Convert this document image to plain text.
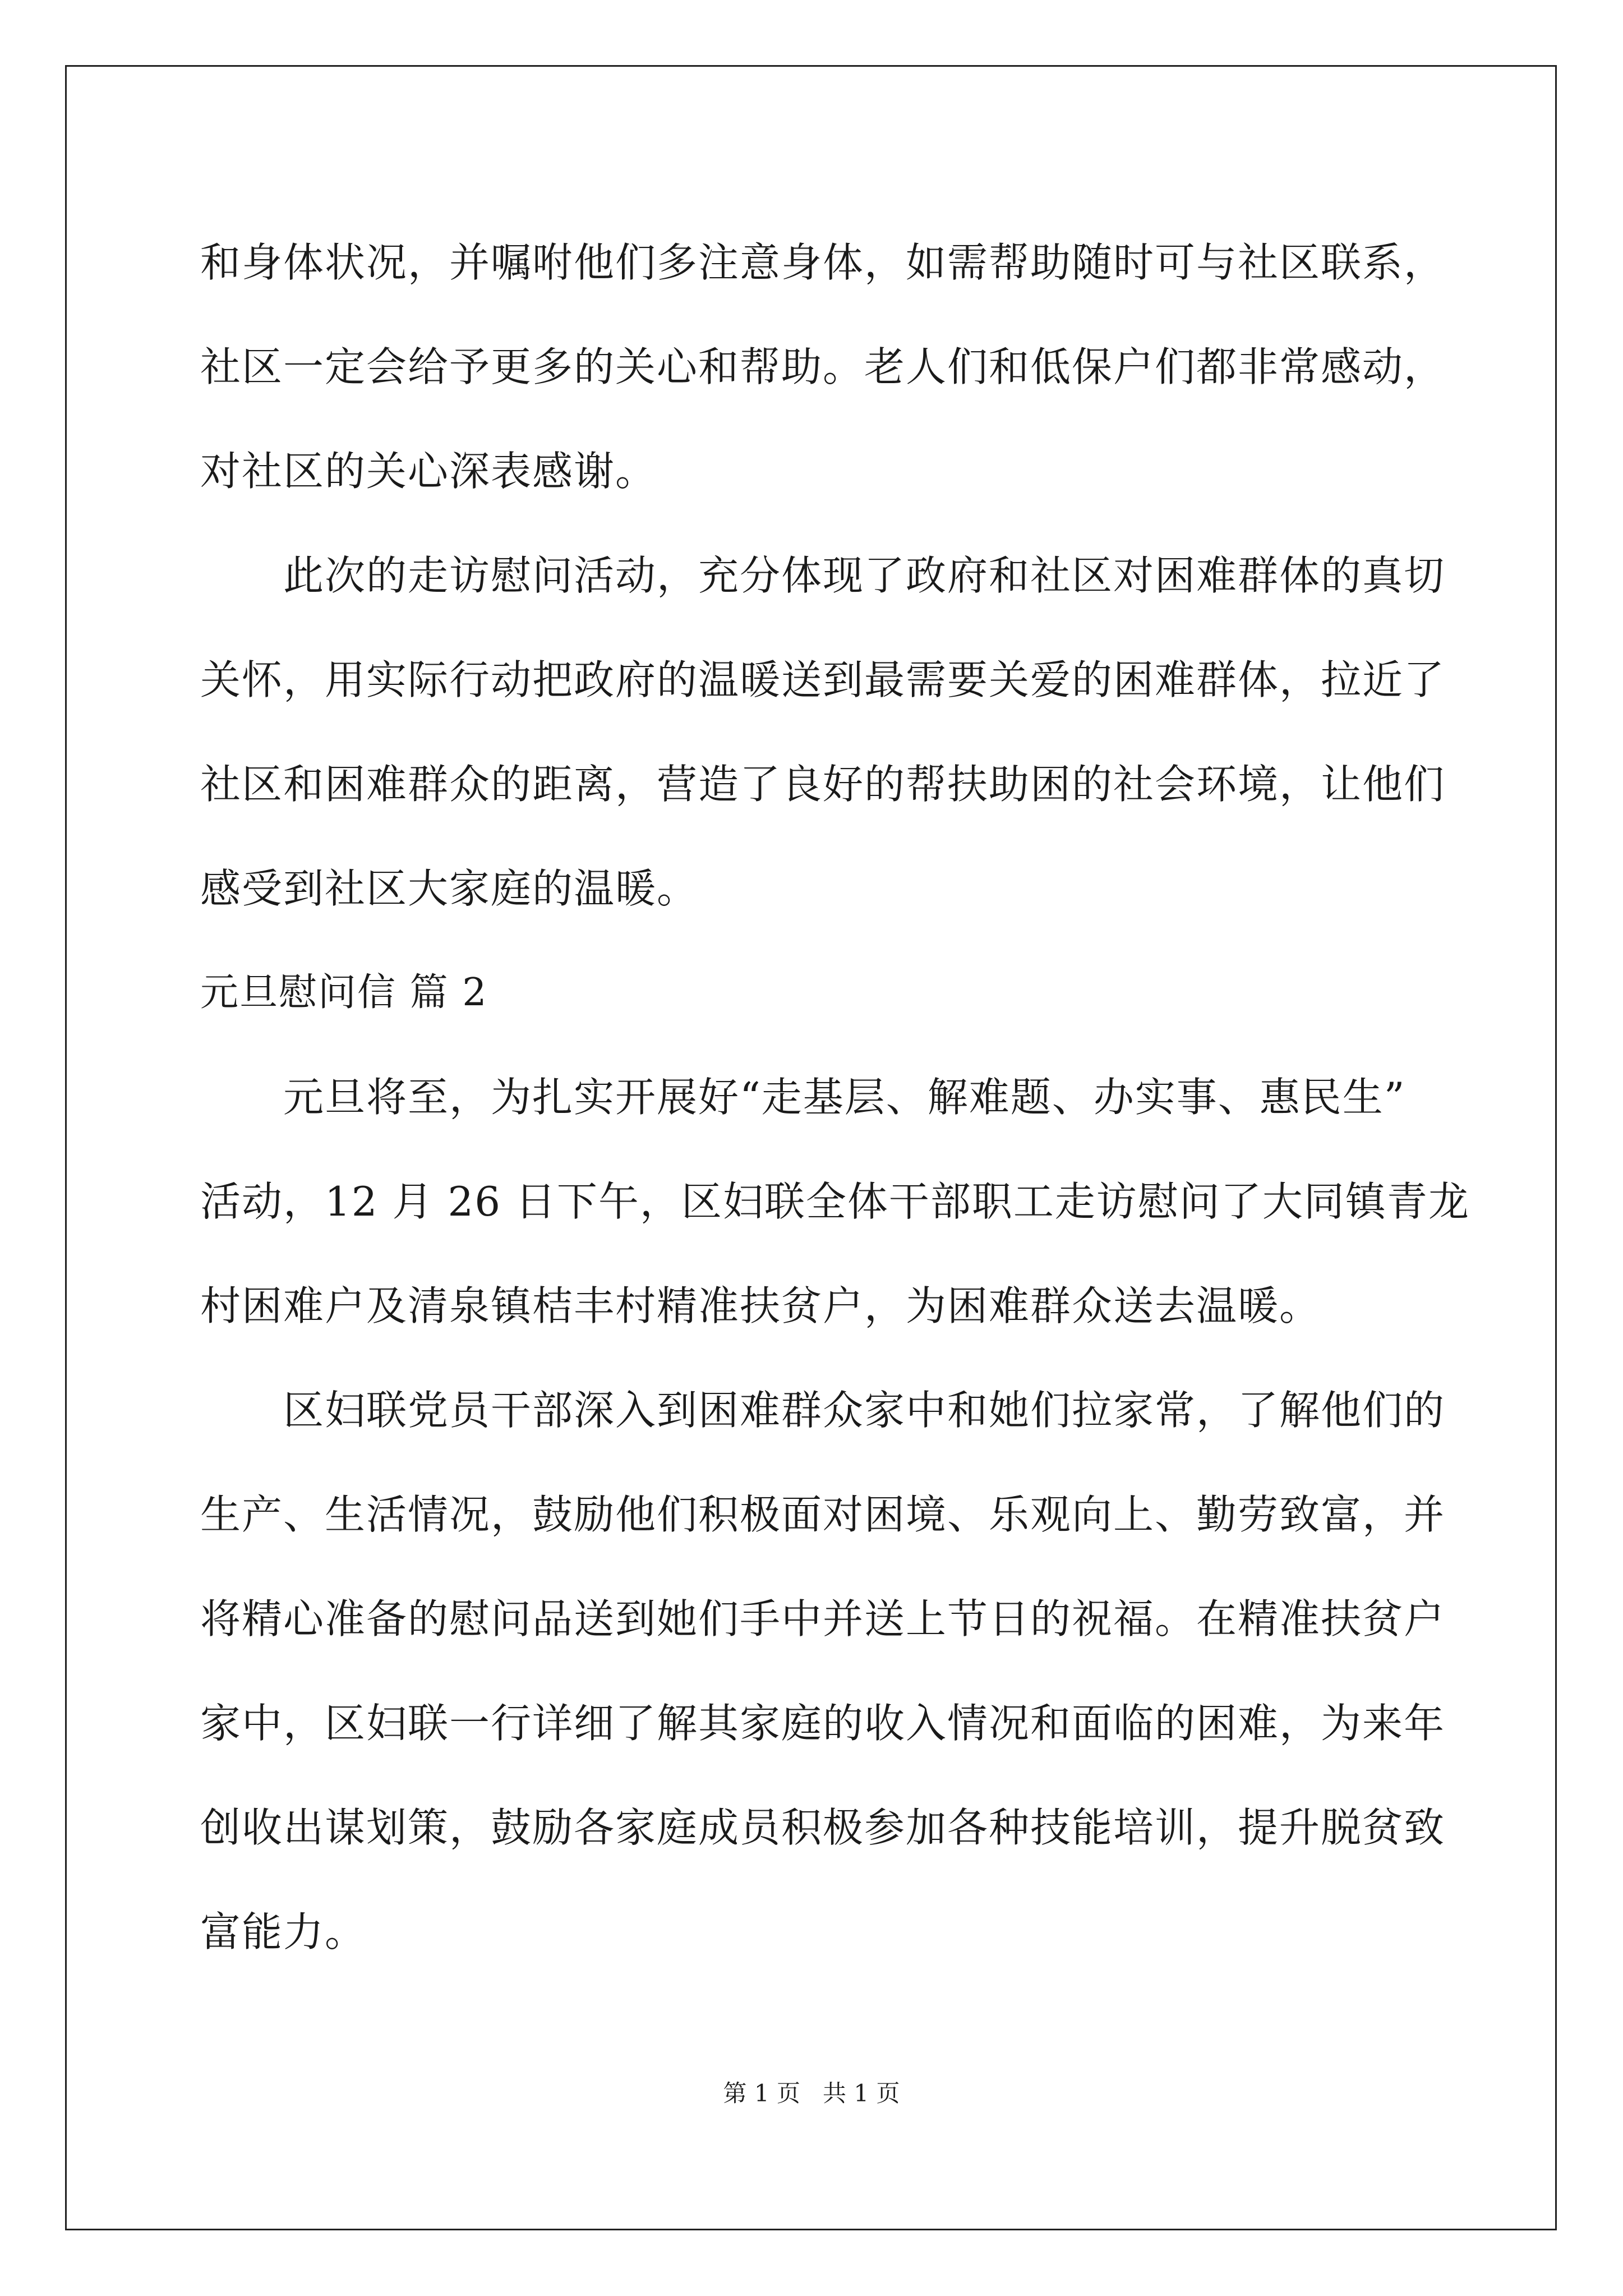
和身体状况，并嘱咐他们多注意身体，如需帮助随时可与社区联系，
社区一定会给予更多的关心和帮助。老人们和低保户们都非常感动，
对社区的关心深表感谢。
此次的走访慰问活动，充分体现了政府和社区对困难群体的真切
关怀，用实际行动把政府的温暖送到最需要关爱的困难群体，拉近了
社区和困难群众的距离，营造了良好的帮扶助困的社会环境，让他们
感受到社区大家庭的温暖。
元旦慰问信 篇 2
元旦将至，为扎实开展好“走基层、解难题、办实事、惠民生”
活动，12 月 26 日下午，区妇联全体干部职工走访慰问了大同镇青龙
村困难户及清泉镇桔丰村精准扶贫户，为困难群众送去温暖。
区妇联党员干部深入到困难群众家中和她们拉家常，了解他们的
生产、生活情况，鼓励他们积极面对困境、乐观向上、勤劳致富，并
将精心准备的慰问品送到她们手中并送上节日的祝福。在精准扶贫户
家中，区妇联一行详细了解其家庭的收入情况和面临的困难，为来年
创收出谋划策，鼓励各家庭成员积极参加各种技能培训，提升脱贫致
富能力。
第 1 页   共 1 页
